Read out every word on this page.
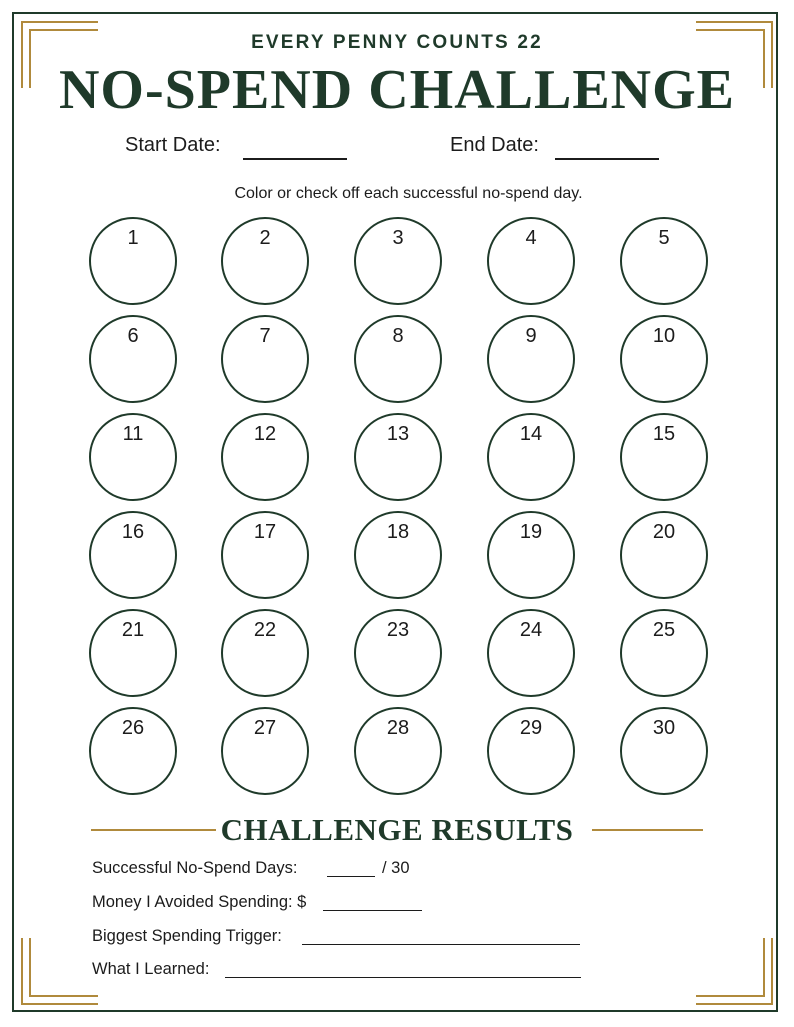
EVERY PENNY COUNTS 22
NO-SPEND CHALLENGE
Start Date:	End Date:
Color or check off each successful no-spend day.
1	2	3	4	5
6	7	8	9	10
11	12	13	14	15
16	17	18	19	20
21	22	23	24	25
26	27	28	29	30
CHALLENGE RESULTS
Successful No-Spend Days:	/ 30
Money I Avoided Spending: $
Biggest Spending Trigger:
What I Learned:
